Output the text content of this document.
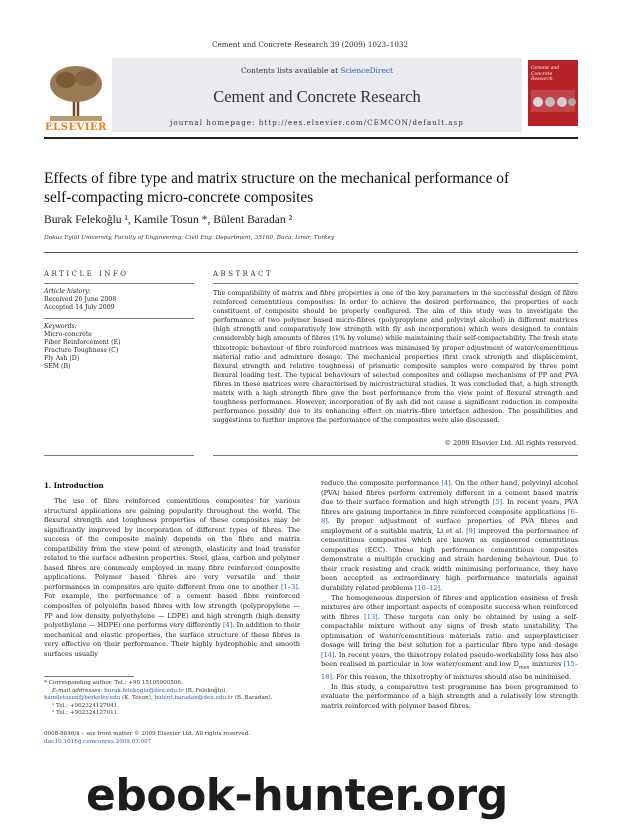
Cement and Concrete Research 39 (2009) 1023–1032
ELSEVIER
Contents lists available at ScienceDirect
Cement and Concrete Research
journal homepage: http://ees.elsevier.com/CEMCON/default.asp
Cement and Concrete Research
Effects of fibre type and matrix structure on the mechanical performance of
self-compacting micro-concrete composites
Burak Felekoğlu ¹, Kamile Tosun *, Bülent Baradan ²
Dokuz Eylül University, Faculty of Engineering, Civil Eng. Department, 35160, Buca, Izmir, Turkey
ARTICLE INFO
Article history:
Received 26 June 2008
Accepted 14 July 2009
Keywords:
Micro-concrete
Fiber Reinforcement (E)
Fracture Toughness (C)
Fly Ash (D)
SEM (B)
ABSTRACT
The compatibility of matrix and fibre properties is one of the key parameters in the successful design of fibre reinforced cementitious composites. In order to achieve the desired performance, the properties of each constituent of composite should be properly configured. The aim of this study was to investigate the performance of two polymer based micro-fibres (polypropylene and polyvinyl alcohol) in different matrices (high strength and comparatively low strength with fly ash incorporation) which were designed to contain considerably high amounts of fibres (1% by volume) while maintaining their self-compactability. The fresh state thixotropic behaviour of fibre reinforced matrices was minimised by proper adjustment of water/cementitious material ratio and admixture dosage. The mechanical properties (first crack strength and displacement, flexural strength and relative toughness) of prismatic composite samples were compared by three point flexural loading test. The typical behaviours of selected composites and collapse mechanisms of PP and PVA fibres in these matrices were characterised by microstructural studies. It was concluded that, a high strength matrix with a high strength fibre give the best performance from the view point of flexural strength and toughness performance. However, incorporation of fly ash did not cause a significant reduction in composite performance possibly due to its enhancing effect on matrix–fibre interface adhesion. The possibilities and suggestions to further improve the performance of the composites were also discussed.
© 2009 Elsevier Ltd. All rights reserved.
1. Introduction
The use of fibre reinforced cementitious composites for various structural applications are gaining popularity throughout the world. The flexural strength and toughness properties of these composites may be significantly improved by incorporation of different types of fibres. The success of the composite mainly depends on the fibre and matrix compatibility from the view point of strength, elasticity and load transfer related to the surface adhesion properties. Steel, glass, carbon and polymer based fibres are commonly employed in many fibre reinforced composite applications. Polymer based fibres are very versatile and their performances in composites are quite different from one to another [1–3]. For example, the performance of a cement based fibre reinforced composites of polyolefin based fibres with low strength (polypropylene — PP and low density polyethylene — LDPE) and high strength (high density polyethylene — HDPE) one performs very differently [4]. In addition to their mechanical and elastic properties, the surface structure of these fibres is very effective on their performance. Their highly hydrophobic and smooth surfaces usually
reduce the composite performance [4]. On the other hand, polyvinyl alcohol (PVA) based fibres perform extremely different in a cement based matrix due to their surface formation and high strength [5]. In recent years, PVA fibres are gaining importance in fibre reinforced composite applications [6–8]. By proper adjustment of surface properties of PVA fibres and employment of a suitable matrix, Li et al. [9] improved the performance of cementitious composites which are known as engineered cementitious composites (ECC). These high performance cementitious composites demonstrate a multiple cracking and strain hardening behaviour. Due to their crack resisting and crack width minimising performance, they have been accepted as extraordinary high performance materials against durability related problems [10–12].
The homogeneous dispersion of fibres and application easiness of fresh mixtures are other important aspects of composite success when reinforced with fibres [13]. These targets can only be obtained by using a self-compactable mixture without any signs of fresh state unstability. The optimisation of water/cementitious materials ratio and superplasticiser dosage will bring the best solution for a particular fibre type and dosage [14]. In recent years, the thixotropy related pseudo-workability loss has also been realised in particular in low water/cement and low $D_{max}$ mixtures [15–18]. For this reason, the thixotrophy of mixtures should also be minimised.
In this study, a comparative test programme has been programmed to evaluate the performance of a high strength and a relatively low strength matrix reinforced with polymer based fibres.
* Corresponding author. Tel.: +90 15105900506.
E-mail addresses: burak.felekoglu@deu.edu.tr (B. Felekoğlu),
kamiletosun@berkeley.edu (K. Tosun), bulent.baradan@deu.edu.tr (B. Baradan).
¹ Tel.: +902324127041.
² Tel.: +902324127011.
0008-8846/$ – see front matter © 2009 Elsevier Ltd. All rights reserved.
doi:10.1016/j.cemconres.2009.07.007
ebook-hunter.org
